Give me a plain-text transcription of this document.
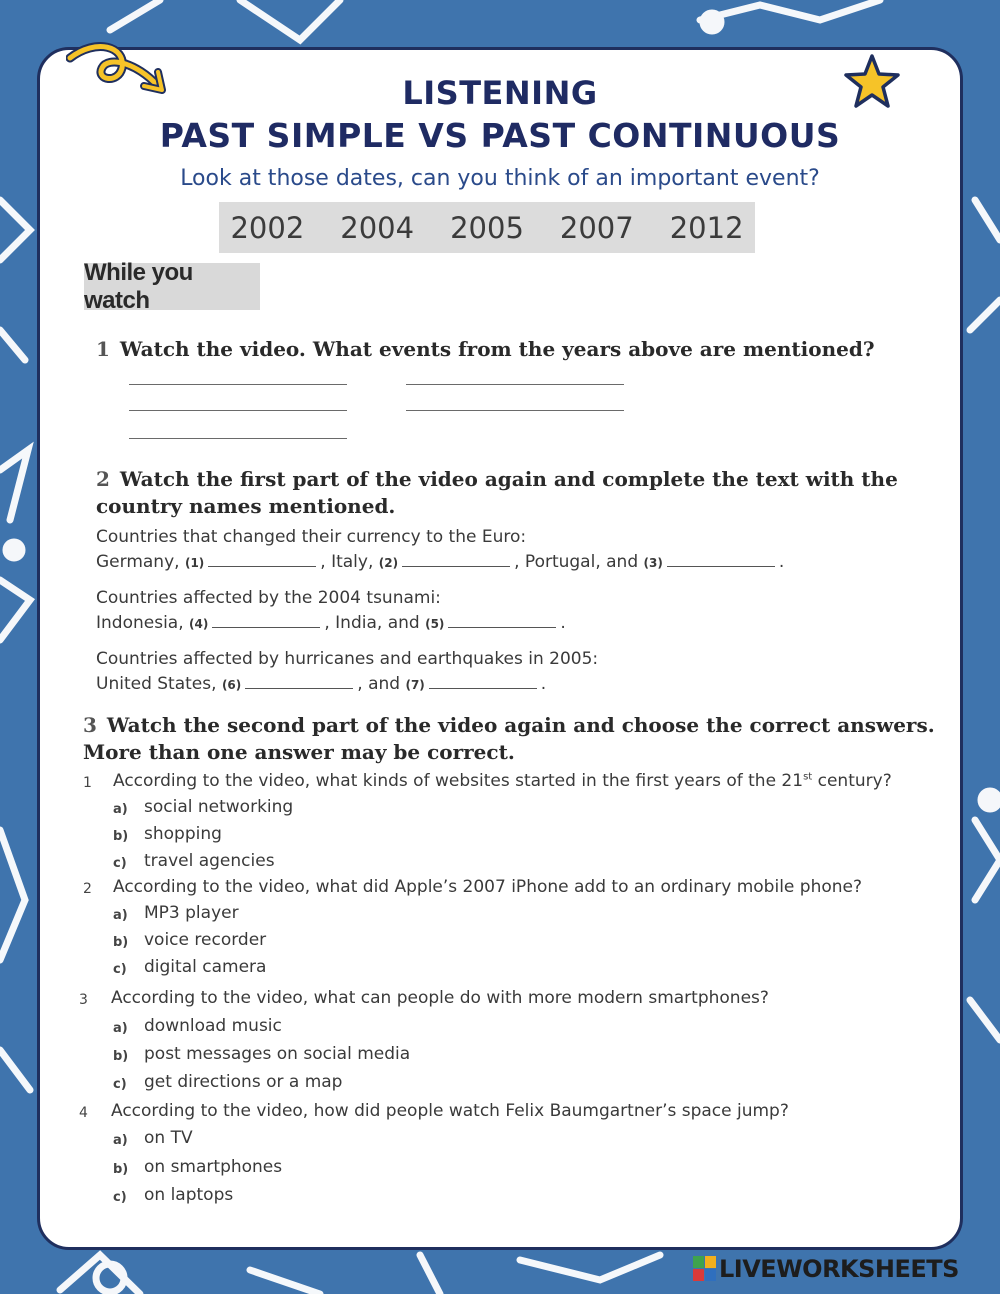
LISTENING
PAST SIMPLE VS PAST CONTINUOUS
Look at those dates, can you think of an important event?
2002 2004 2005 2007 2012
While you watch
1 Watch the video. What events from the years above are mentioned?
2 Watch the first part of the video again and complete the text with the
country names mentioned.
Countries that changed their currency to the Euro:
Germany, (1)	, Italy, (2)	, Portugal, and (3)	.
Countries affected by the 2004 tsunami:
Indonesia, (4)	, India, and (5)	.
Countries affected by hurricanes and earthquakes in 2005:
United States, (6)	, and (7)	.
3 Watch the second part of the video again and choose the correct answers.
More than one answer may be correct.
1 According to the video, what kinds of websites started in the first years of the 21st century?
a) social networking
b) shopping
c) travel agencies
2 According to the video, what did Apple’s 2007 iPhone add to an ordinary mobile phone?
a) MP3 player
b) voice recorder
c) digital camera
3 According to the video, what can people do with more modern smartphones?
a) download music
b) post messages on social media
c) get directions or a map
4 According to the video, how did people watch Felix Baumgartner’s space jump?
a) on TV
b) on smartphones
c) on laptops
LIVEWORKSHEETS
